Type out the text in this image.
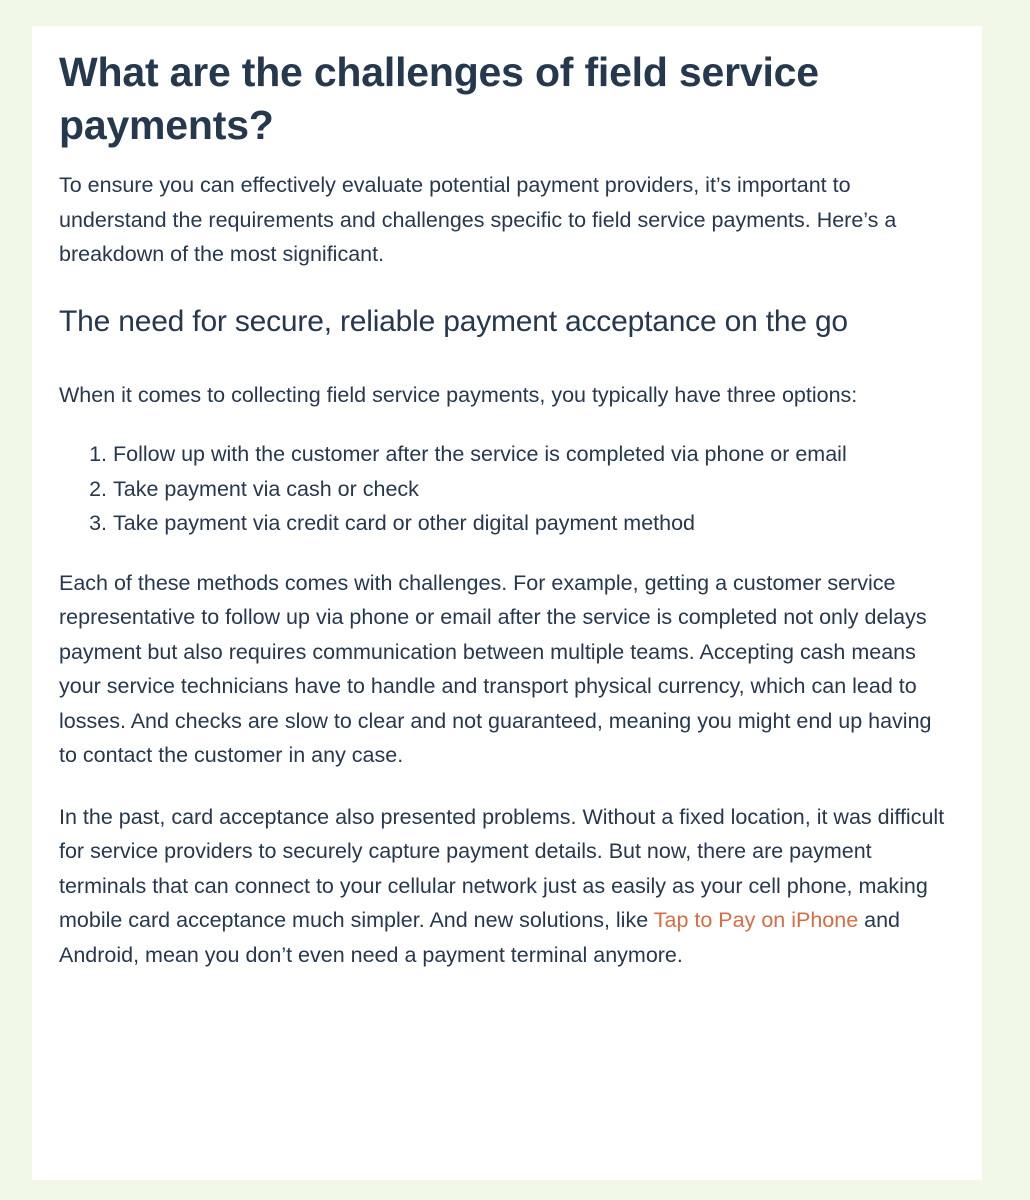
What are the challenges of field service payments?

To ensure you can effectively evaluate potential payment providers, it’s important to understand the requirements and challenges specific to field service payments. Here’s a breakdown of the most significant.

The need for secure, reliable payment acceptance on the go

When it comes to collecting field service payments, you typically have three options:

1. Follow up with the customer after the service is completed via phone or email
2. Take payment via cash or check
3. Take payment via credit card or other digital payment method

Each of these methods comes with challenges. For example, getting a customer service representative to follow up via phone or email after the service is completed not only delays payment but also requires communication between multiple teams. Accepting cash means your service technicians have to handle and transport physical currency, which can lead to losses. And checks are slow to clear and not guaranteed, meaning you might end up having to contact the customer in any case.

In the past, card acceptance also presented problems. Without a fixed location, it was difficult for service providers to securely capture payment details. But now, there are payment terminals that can connect to your cellular network just as easily as your cell phone, making mobile card acceptance much simpler. And new solutions, like Tap to Pay on iPhone and Android, mean you don’t even need a payment terminal anymore.
